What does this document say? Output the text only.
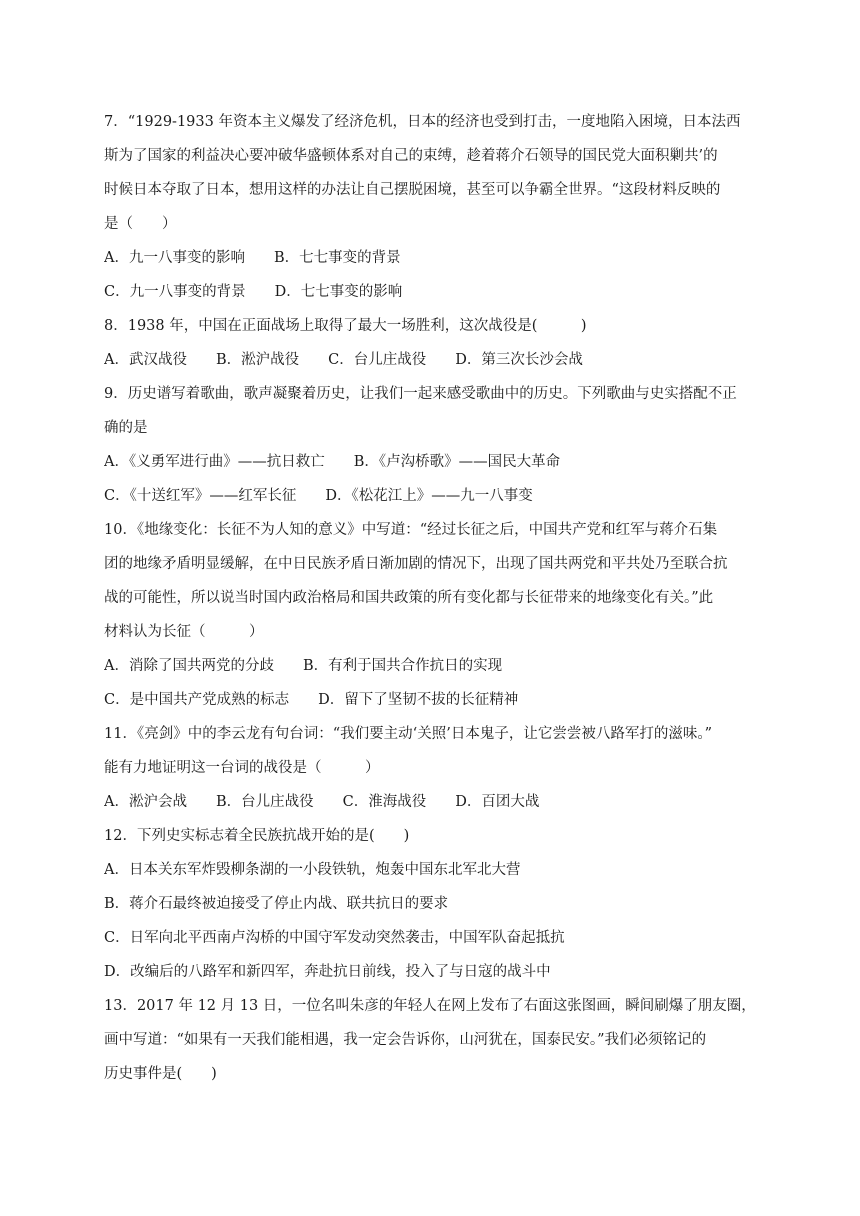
7．“1929-1933 年资本主义爆发了经济危机，日本的经济也受到打击，一度地陷入困境，日本法西
斯为了国家的利益决心要冲破华盛顿体系对自己的束缚，趁着蒋介石领导的国民党大面积剿共’的
时候日本夺取了日本，想用这样的办法让自己摆脱困境，甚至可以争霸全世界。“这段材料反映的
是（　　）
A．九一八事变的影响　　B．七七事变的背景
C．九一八事变的背景　　D．七七事变的影响
8．1938 年，中国在正面战场上取得了最大一场胜利，这次战役是(　　　)
A．武汉战役　　B．淞沪战役　　C．台儿庄战役　　D．第三次长沙会战
9．历史谱写着歌曲，歌声凝聚着历史，让我们一起来感受歌曲中的历史。下列歌曲与史实搭配不正
确的是
A．《义勇军进行曲》——抗日救亡　　B．《卢沟桥歌》——国民大革命
C．《十送红军》——红军长征　　D．《松花江上》——九一八事变
10．《地缘变化：长征不为人知的意义》中写道：“经过长征之后，中国共产党和红军与蒋介石集
团的地缘矛盾明显缓解，在中日民族矛盾日渐加剧的情况下，出现了国共两党和平共处乃至联合抗
战的可能性，所以说当时国内政治格局和国共政策的所有变化都与长征带来的地缘变化有关。”此
材料认为长征（　　　）
A．消除了国共两党的分歧　　B．有利于国共合作抗日的实现
C．是中国共产党成熟的标志　　D．留下了坚韧不拔的长征精神
11．《亮剑》中的李云龙有句台词：“我们要主动‘关照’日本鬼子，让它尝尝被八路军打的滋味。”
能有力地证明这一台词的战役是（　　　）
A．淞沪会战　　B．台儿庄战役　　C．淮海战役　　D．百团大战
12．下列史实标志着全民族抗战开始的是(　　)
A．日本关东军炸毁柳条湖的一小段铁轨，炮轰中国东北军北大营
B．蒋介石最终被迫接受了停止内战、联共抗日的要求
C．日军向北平西南卢沟桥的中国守军发动突然袭击，中国军队奋起抵抗
D．改编后的八路军和新四军，奔赴抗日前线，投入了与日寇的战斗中
13．2017 年 12 月 13 日，一位名叫朱彦的年轻人在网上发布了右面这张图画，瞬间刷爆了朋友圈，
画中写道：“如果有一天我们能相遇，我一定会告诉你，山河犹在，国泰民安。”我们必须铭记的
历史事件是(　　)
